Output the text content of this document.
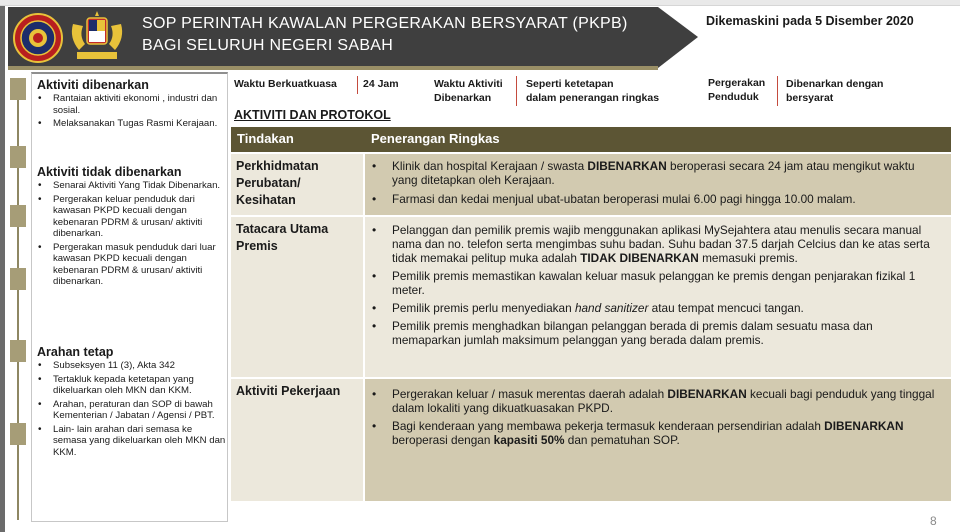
SOP PERINTAH KAWALAN PERGERAKAN BERSYARAT (PKPB)
BAGI SELURUH NEGERI SABAH
Dikemaskini pada 5 Disember 2020
Aktiviti dibenarkan
• Rantaian aktiviti ekonomi , industri dan sosial.
• Melaksanakan Tugas Rasmi Kerajaan.
Aktiviti tidak dibenarkan
• Senarai Aktiviti Yang Tidak Dibenarkan.
• Pergerakan keluar penduduk dari kawasan PKPD kecuali dengan kebenaran PDRM & urusan/ aktiviti dibenarkan.
• Pergerakan masuk penduduk dari luar kawasan PKPD kecuali dengan kebenaran PDRM & urusan/ aktiviti dibenarkan.
Arahan tetap
• Subseksyen 11 (3), Akta 342
• Tertakluk kepada ketetapan yang dikeluarkan oleh MKN dan KKM.
• Arahan, peraturan dan SOP di bawah Kementerian / Jabatan / Agensi / PBT.
• Lain- lain arahan dari semasa ke semasa yang dikeluarkan oleh MKN dan KKM.
Waktu Berkuatkuasa 24 Jam	Waktu Aktiviti
Dibenarkan
Seperti ketetapan
dalam penerangan ringkas
Pergerakan
Penduduk
Dibenarkan dengan
bersyarat
AKTIVITI DAN PROTOKOL
Tindakan	Penerangan Ringkas
Perkhidmatan Perubatan/ Kesihatan
• Klinik dan hospital Kerajaan / swasta DIBENARKAN beroperasi secara 24 jam atau mengikut waktu yang ditetapkan oleh Kerajaan.
• Farmasi dan kedai menjual ubat-ubatan beroperasi mulai 6.00 pagi hingga 10.00 malam.
Tatacara Utama Premis
• Pelanggan dan pemilik premis wajib menggunakan aplikasi MySejahtera atau menulis secara manual nama dan no. telefon serta mengimbas suhu badan. Suhu badan 37.5 darjah Celcius dan ke atas serta tidak memakai pelitup muka adalah TIDAK DIBENARKAN memasuki premis.
• Pemilik premis memastikan kawalan keluar masuk pelanggan ke premis dengan penjarakan fizikal 1 meter.
• Pemilik premis perlu menyediakan hand sanitizer atau tempat mencuci tangan.
• Pemilik premis menghadkan bilangan pelanggan berada di premis dalam sesuatu masa dan memaparkan jumlah maksimum pelanggan yang berada dalam premis.
Aktiviti Pekerjaan
•	Pergerakan keluar / masuk merentas daerah adalah DIBENARKAN kecuali bagi penduduk yang tinggal dalam lokaliti yang dikuatkuasakan PKPD.
• Bagi kenderaan yang membawa pekerja termasuk kenderaan persendirian adalah DIBENARKAN beroperasi dengan kapasiti 50% dan pematuhan SOP.
8
